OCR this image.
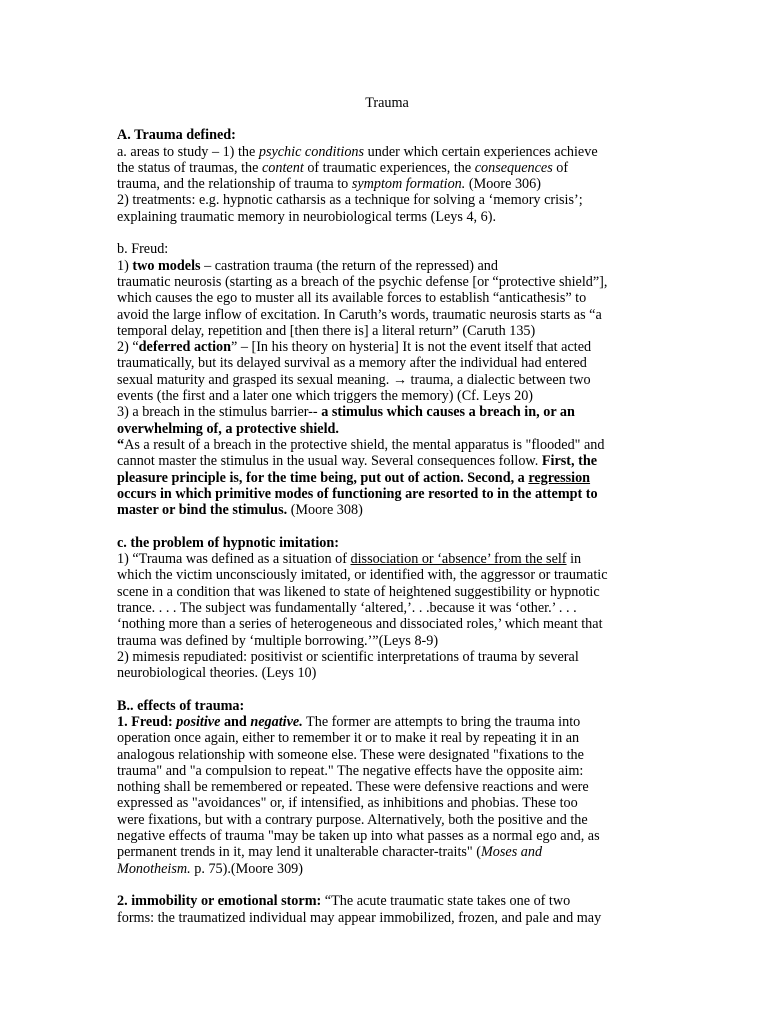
Trauma
A. Trauma defined:
a. areas to study – 1) the psychic conditions under which certain experiences achieve
the status of traumas, the content of traumatic experiences, the consequences of
trauma, and the relationship of trauma to symptom formation. (Moore 306)
2) treatments: e.g. hypnotic catharsis as a technique for solving a ‘memory crisis’;
explaining traumatic memory in neurobiological terms (Leys 4, 6).
b. Freud:
1) two models – castration trauma (the return of the repressed) and
traumatic neurosis (starting as a breach of the psychic defense [or “protective shield”],
which causes the ego to muster all its available forces to establish “anticathesis” to
avoid the large inflow of excitation. In Caruth’s words, traumatic neurosis starts as “a
temporal delay, repetition and [then there is] a literal return” (Caruth 135)
2) “deferred action” – [In his theory on hysteria] It is not the event itself that acted
traumatically, but its delayed survival as a memory after the individual had entered
sexual maturity and grasped its sexual meaning. → trauma, a dialectic between two
events (the first and a later one which triggers the memory) (Cf. Leys 20)
3) a breach in the stimulus barrier-- a stimulus which causes a breach in, or an
overwhelming of, a protective shield.
“As a result of a breach in the protective shield, the mental apparatus is "flooded" and
cannot master the stimulus in the usual way. Several consequences follow. First, the
pleasure principle is, for the time being, put out of action. Second, a regression
occurs in which primitive modes of functioning are resorted to in the attempt to
master or bind the stimulus. (Moore 308)
c. the problem of hypnotic imitation:
1) “Trauma was defined as a situation of dissociation or ‘absence’ from the self in
which the victim unconsciously imitated, or identified with, the aggressor or traumatic
scene in a condition that was likened to state of heightened suggestibility or hypnotic
trance. . . . The subject was fundamentally ‘altered,’. . .because it was ‘other.’ . . .
‘nothing more than a series of heterogeneous and dissociated roles,’ which meant that
trauma was defined by ‘multiple borrowing.’”(Leys 8-9)
2) mimesis repudiated: positivist or scientific interpretations of trauma by several
neurobiological theories. (Leys 10)
B.. effects of trauma:
1. Freud: positive and negative. The former are attempts to bring the trauma into
operation once again, either to remember it or to make it real by repeating it in an
analogous relationship with someone else. These were designated "fixations to the
trauma" and "a compulsion to repeat." The negative effects have the opposite aim:
nothing shall be remembered or repeated. These were defensive reactions and were
expressed as "avoidances" or, if intensified, as inhibitions and phobias. These too
were fixations, but with a contrary purpose. Alternatively, both the positive and the
negative effects of trauma "may be taken up into what passes as a normal ego and, as
permanent trends in it, may lend it unalterable character-traits" (Moses and
Monotheism. p. 75).(Moore 309)
2. immobility or emotional storm: “The acute traumatic state takes one of two
forms: the traumatized individual may appear immobilized, frozen, and pale and may
